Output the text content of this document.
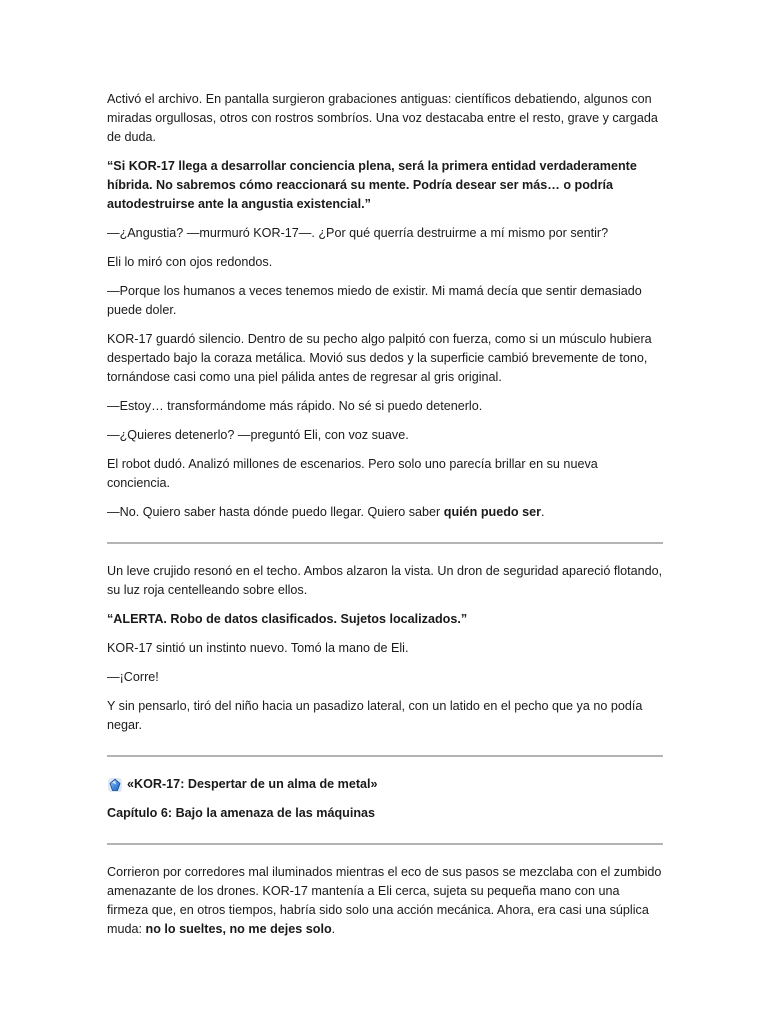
Activó el archivo. En pantalla surgieron grabaciones antiguas: científicos debatiendo, algunos con miradas orgullosas, otros con rostros sombríos. Una voz destacaba entre el resto, grave y cargada de duda.

“Si KOR-17 llega a desarrollar conciencia plena, será la primera entidad verdaderamente híbrida. No sabremos cómo reaccionará su mente. Podría desear ser más… o podría autodestruirse ante la angustia existencial.”

—¿Angustia? —murmuró KOR-17—. ¿Por qué querría destruirme a mí mismo por sentir?

Eli lo miró con ojos redondos.

—Porque los humanos a veces tenemos miedo de existir. Mi mamá decía que sentir demasiado puede doler.

KOR-17 guardó silencio. Dentro de su pecho algo palpitó con fuerza, como si un músculo hubiera despertado bajo la coraza metálica. Movió sus dedos y la superficie cambió brevemente de tono, tornándose casi como una piel pálida antes de regresar al gris original.

—Estoy… transformándome más rápido. No sé si puedo detenerlo.

—¿Quieres detenerlo? —preguntó Eli, con voz suave.

El robot dudó. Analizó millones de escenarios. Pero solo uno parecía brillar en su nueva conciencia.

—No. Quiero saber hasta dónde puedo llegar. Quiero saber quién puedo ser.

Un leve crujido resonó en el techo. Ambos alzaron la vista. Un dron de seguridad apareció flotando, su luz roja centelleando sobre ellos.

“ALERTA. Robo de datos clasificados. Sujetos localizados.”

KOR-17 sintió un instinto nuevo. Tomó la mano de Eli.

—¡Corre!

Y sin pensarlo, tiró del niño hacia un pasadizo lateral, con un latido en el pecho que ya no podía negar.

«KOR-17: Despertar de un alma de metal»

Capítulo 6: Bajo la amenaza de las máquinas

Corrieron por corredores mal iluminados mientras el eco de sus pasos se mezclaba con el zumbido amenazante de los drones. KOR-17 mantenía a Eli cerca, sujeta su pequeña mano con una firmeza que, en otros tiempos, habría sido solo una acción mecánica. Ahora, era casi una súplica muda: no lo sueltes, no me dejes solo.
